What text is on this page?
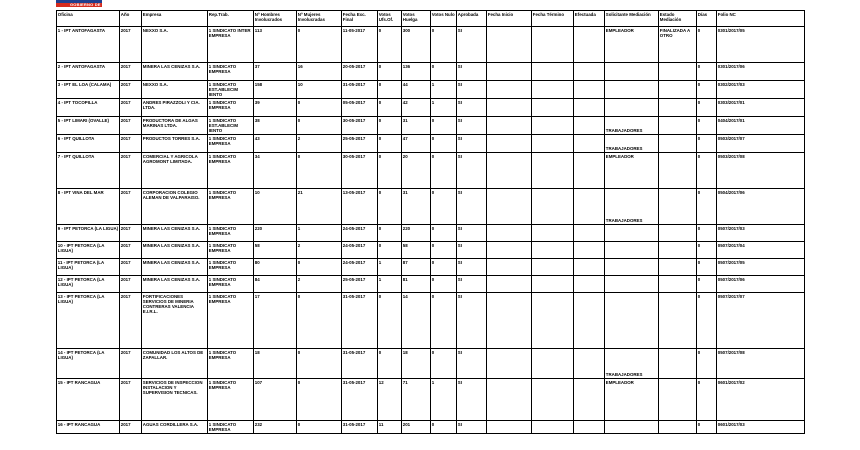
GOBIERNO DE CHILE
Oficina	Año	Empresa	Rep.Trab.	Nº Hombres Involucrados	Nº Mujeres Involucradas	Fecha Exc. Final	Votos Ufs.Of.	Votos Huelga	Votos Nulo	Aprobada	Fecha Inicio	Fecha Término	Efectuada	Solicitante Mediación	Estado Mediación	Días	Folio NC
1 - IPT ANTOFAGASTA	2017	NEXXO S.A.	1 SINDICATO INTER EMPRESA	113	0	11-05-2017	0	300	0	SI				EMPLEADOR	FINALIZADA A OTRO	0	0301/2017/05
2 - IPT ANTOFAGASTA	2017	MINERA LAS CENIZAS S.A.	1 SINDICATO EMPRESA	37	16	20-05-2017	0	136	0	SI						0	0301/2017/06
3 - IPT EL LOA (CALAMA)	2017	NEXXO S.A.	1 SINDICATO EST.ABLECIM IENTO	158	10	31-05-2017	0	44	1	SI						0	0302/2017/03
4 - IPT TOCOPILLA	2017	ANDRES PIRAZZOLI Y CIA. LTDA.	1 SINDICATO EMPRESA	39	0	05-05-2017	0	42	1	SI						0	0303/2017/01
5 - IPT LIMARI (OVALLE)	2017	PRODUCTORA DE ALGAS MARINAS LTDA.	1 SINDICATO EST.ABLECIM IENTO	38	0	30-05-2017	0	31	0	SI				TRABAJADORES		0	0404/2017/01
6 - IPT QUILLOTA	2017	PRODUCTOS TORRES S.A.	1 SINDICATO EMPRESA	43	2	25-05-2017	0	47	0	SI				TRABAJADORES		0	0503/2017/07
7 - IPT QUILLOTA	2017	COMERCIAL Y AGRICOLA AGROMONT LIMITADA.	1 SINDICATO EMPRESA	34	0	30-05-2017	0	20	0	SI				EMPLEADOR		0	0503/2017/08
8 - IPT VINA DEL MAR	2017	CORPORACION COLEGIO ALEMAN DE VALPARAISO.	1 SINDICATO EMPRESA	10	21	13-05-2017	0	31	0	SI				TRABAJADORES		0	0504/2017/06
9 - IPT PETORCA (LA LIGUA)	2017	MINERA LAS CENIZAS S.A.	1 SINDICATO EMPRESA	220	1	24-05-2017	0	220	0	SI						0	0507/2017/03
10 - IPT PETORCA (LA LIGUA)	2017	MINERA LAS CENIZAS S.A.	1 SINDICATO EMPRESA	58	2	24-05-2017	0	58	0	SI						0	0507/2017/04
11 - IPT PETORCA (LA LIGUA)	2017	MINERA LAS CENIZAS S.A.	1 SINDICATO EMPRESA	80	0	24-05-2017	1	87	0	SI						0	0507/2017/05
12 - IPT PETORCA (LA LIGUA)	2017	MINERA LAS CENIZAS S.A.	1 SINDICATO EMPRESA	84	2	25-05-2017	1	81	0	SI						0	0507/2017/06
13 - IPT PETORCA (LA LIGUA)	2017	FORTIFICACIONES SERVICIOS DE MINERIA CONTRERAS VALENCIA E.I.R.L.	1 SINDICATO EMPRESA	17	0	31-05-2017	0	14	0	SI						0	0507/2017/07
14 - IPT PETORCA (LA LIGUA)	2017	COMUNIDAD LOS ALTOS DE ZAPALLAR.	1 SINDICATO EMPRESA	18	0	31-05-2017	0	18	0	SI				TRABAJADORES		0	0507/2017/08
15 - IPT RANCAGUA	2017	SERVICIOS DE INSPECCION INSTALACION Y SUPERVISION TECNICAS.	1 SINDICATO EMPRESA	107	0	31-05-2017	12	71	1	SI				EMPLEADOR		0	0601/2017/02
16 - IPT RANCAGUA	2017	AGUAS CORDILLERA S.A.	1 SINDICATO EMPRESA	232	0	31-05-2017	11	201	0	SI						0	0601/2017/03
